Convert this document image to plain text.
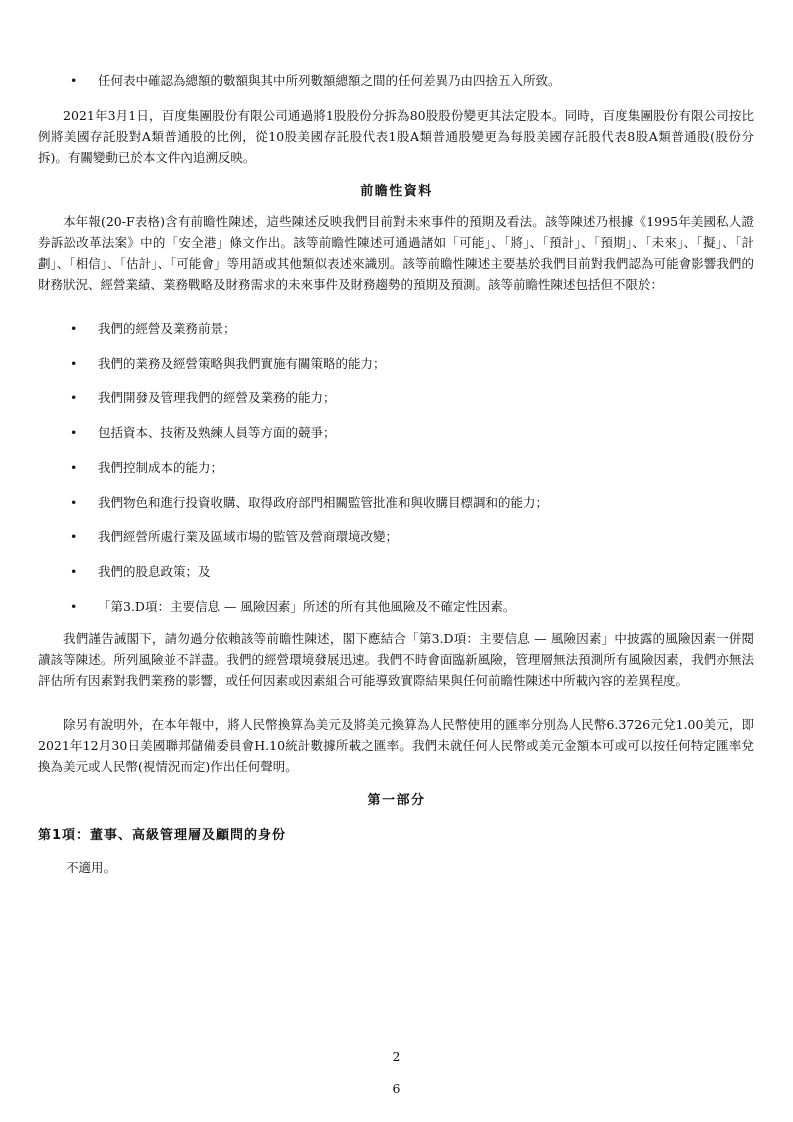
•	任何表中確認為總額的數額與其中所列數額總額之間的任何差異乃由四捨五入所致。

2021年3月1日，百度集團股份有限公司通過將1股股份分拆為80股股份變更其法定股本。同時，百度集團股份有限公司按比例將美國存託股對A類普通股的比例，從10股美國存託股代表1股A類普通股變更為每股美國存託股代表8股A類普通股(股份分拆)。有關變動已於本文件內追溯反映。

前瞻性資料

本年報(20-F表格)含有前瞻性陳述，這些陳述反映我們目前對未來事件的預期及看法。該等陳述乃根據《1995年美國私人證券訴訟改革法案》中的「安全港」條文作出。該等前瞻性陳述可通過諸如「可能」、「將」、「預計」、「預期」、「未來」、「擬」、「計劃」、「相信」、「估計」、「可能會」等用語或其他類似表述來識別。該等前瞻性陳述主要基於我們目前對我們認為可能會影響我們的財務狀況、經營業績、業務戰略及財務需求的未來事件及財務趨勢的預期及預測。該等前瞻性陳述包括但不限於：

•	我們的經營及業務前景；
•	我們的業務及經營策略與我們實施有關策略的能力；
•	我們開發及管理我們的經營及業務的能力；
•	包括資本、技術及熟練人員等方面的競爭；
•	我們控制成本的能力；
•	我們物色和進行投資收購、取得政府部門相關監管批准和與收購目標調和的能力；
•	我們經營所處行業及區域市場的監管及營商環境改變；
•	我們的股息政策；及
•	「第3.D項：主要信息 — 風險因素」所述的所有其他風險及不確定性因素。

我們謹告誡閣下，請勿過分依賴該等前瞻性陳述，閣下應結合「第3.D項：主要信息 — 風險因素」中披露的風險因素一併閱讀該等陳述。所列風險並不詳盡。我們的經營環境發展迅速。我們不時會面臨新風險，管理層無法預測所有風險因素，我們亦無法評估所有因素對我們業務的影響，或任何因素或因素組合可能導致實際結果與任何前瞻性陳述中所載內容的差異程度。

除另有說明外，在本年報中，將人民幣換算為美元及將美元換算為人民幣使用的匯率分別為人民幣6.3726元兌1.00美元，即2021年12月30日美國聯邦儲備委員會H.10統計數據所載之匯率。我們未就任何人民幣或美元金額本可或可以按任何特定匯率兌換為美元或人民幣(視情況而定)作出任何聲明。

第一部分
第1項：董事、高級管理層及顧問的身份
不適用。
2
6
